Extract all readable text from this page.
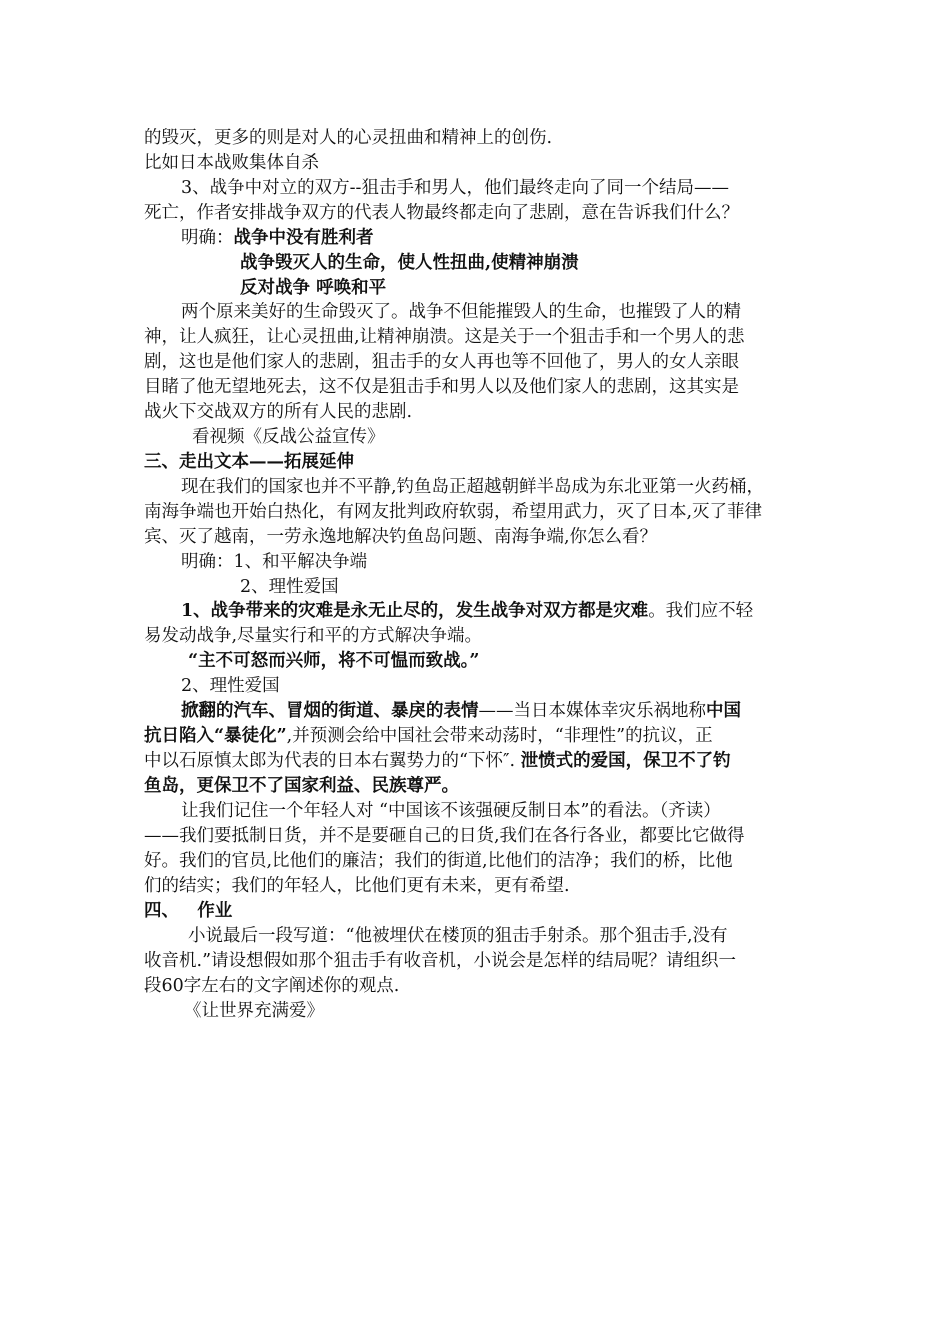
的毁灭，更多的则是对人的心灵扭曲和精神上的创伤.
比如日本战败集体自杀
3、战争中对立的双方--狙击手和男人，他们最终走向了同一个结局——
死亡，作者安排战争双方的代表人物最终都走向了悲剧，意在告诉我们什么？
明确：战争中没有胜利者
战争毁灭人的生命，使人性扭曲,使精神崩溃
反对战争 呼唤和平
两个原来美好的生命毁灭了。战争不但能摧毁人的生命，也摧毁了人的精
神，让人疯狂，让心灵扭曲,让精神崩溃。这是关于一个狙击手和一个男人的悲
剧，这也是他们家人的悲剧，狙击手的女人再也等不回他了，男人的女人亲眼
目睹了他无望地死去，这不仅是狙击手和男人以及他们家人的悲剧，这其实是
战火下交战双方的所有人民的悲剧.
看视频《反战公益宣传》
三、走出文本——拓展延伸
现在我们的国家也并不平静,钓鱼岛正超越朝鲜半岛成为东北亚第一火药桶，
南海争端也开始白热化，有网友批判政府软弱，希望用武力，灭了日本,灭了菲律
宾、灭了越南，一劳永逸地解决钓鱼岛问题、南海争端,你怎么看？
明确：1、和平解决争端
2、理性爱国
1、战争带来的灾难是永无止尽的，发生战争对双方都是灾难。我们应不轻
易发动战争,尽量实行和平的方式解决争端。
“主不可怒而兴师，将不可愠而致战。”
2、理性爱国
掀翻的汽车、冒烟的街道、暴戾的表情——当日本媒体幸灾乐祸地称中国
抗日陷入“暴徒化”,并预测会给中国社会带来动荡时，“非理性”的抗议，正
中以石原慎太郎为代表的日本右翼势力的“下怀″. 泄愤式的爱国，保卫不了钓
鱼岛，更保卫不了国家利益、民族尊严。
让我们记住一个年轻人对 “中国该不该强硬反制日本”的看法。（齐读）
——我们要抵制日货，并不是要砸自己的日货,我们在各行各业，都要比它做得
好。我们的官员,比他们的廉洁；我们的街道,比他们的洁净；我们的桥，比他
们的结实；我们的年轻人，比他们更有未来，更有希望.
四、   作业
小说最后一段写道：“他被埋伏在楼顶的狙击手射杀。那个狙击手,没有
收音机.”请设想假如那个狙击手有收音机，小说会是怎样的结局呢？请组织一
段60字左右的文字阐述你的观点.
《让世界充满爱》
